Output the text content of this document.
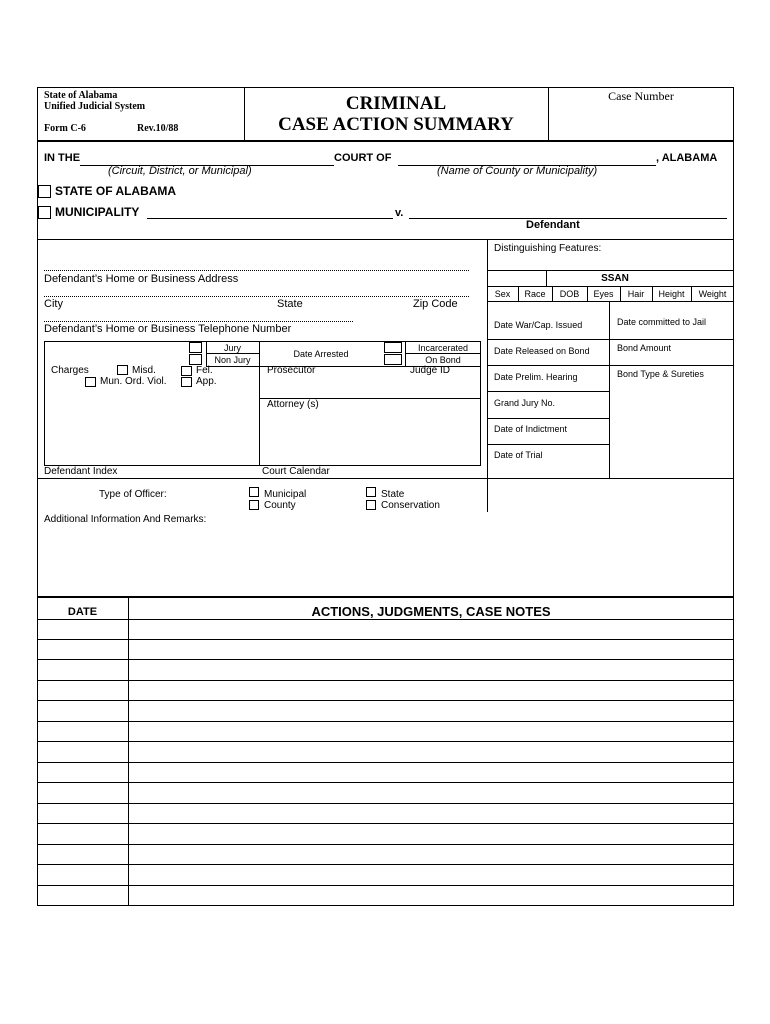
State of Alabama
Unified Judicial System
Form C-6	Rev.10/88
CRIMINAL
CASE ACTION SUMMARY
Case Number
IN THE	COURT OF	, ALABAMA
(Circuit, District, or Municipal)	(Name of County or Municipality)
STATE OF ALABAMA
MUNICIPALITY	v.
Defendant
Defendant’s Home or Business Address
City	State	Zip Code
Defendant’s Home or Business Telephone Number
Jury
Non Jury
Date Arrested
Incarcerated
On Bond
Charges	Misd.	Fel.
Mun. Ord. Viol.	App.
Prosecutor	Judge ID
Attorney (s)
Defendant Index	Court Calendar
Distinguishing Features:
SSAN
Sex	Race	DOB	Eyes	Hair	Height	Weight
Date War/Cap. Issued	Date committed to Jail
Date Released on Bond	Bond Amount
Date Prelim. Hearing	Bond Type & Sureties
Grand Jury No.
Date of Indictment
Date of Trial
Type of Officer:	Municipal
County
State
Conservation
Additional Information And Remarks:
DATE	ACTIONS, JUDGMENTS, CASE NOTES
